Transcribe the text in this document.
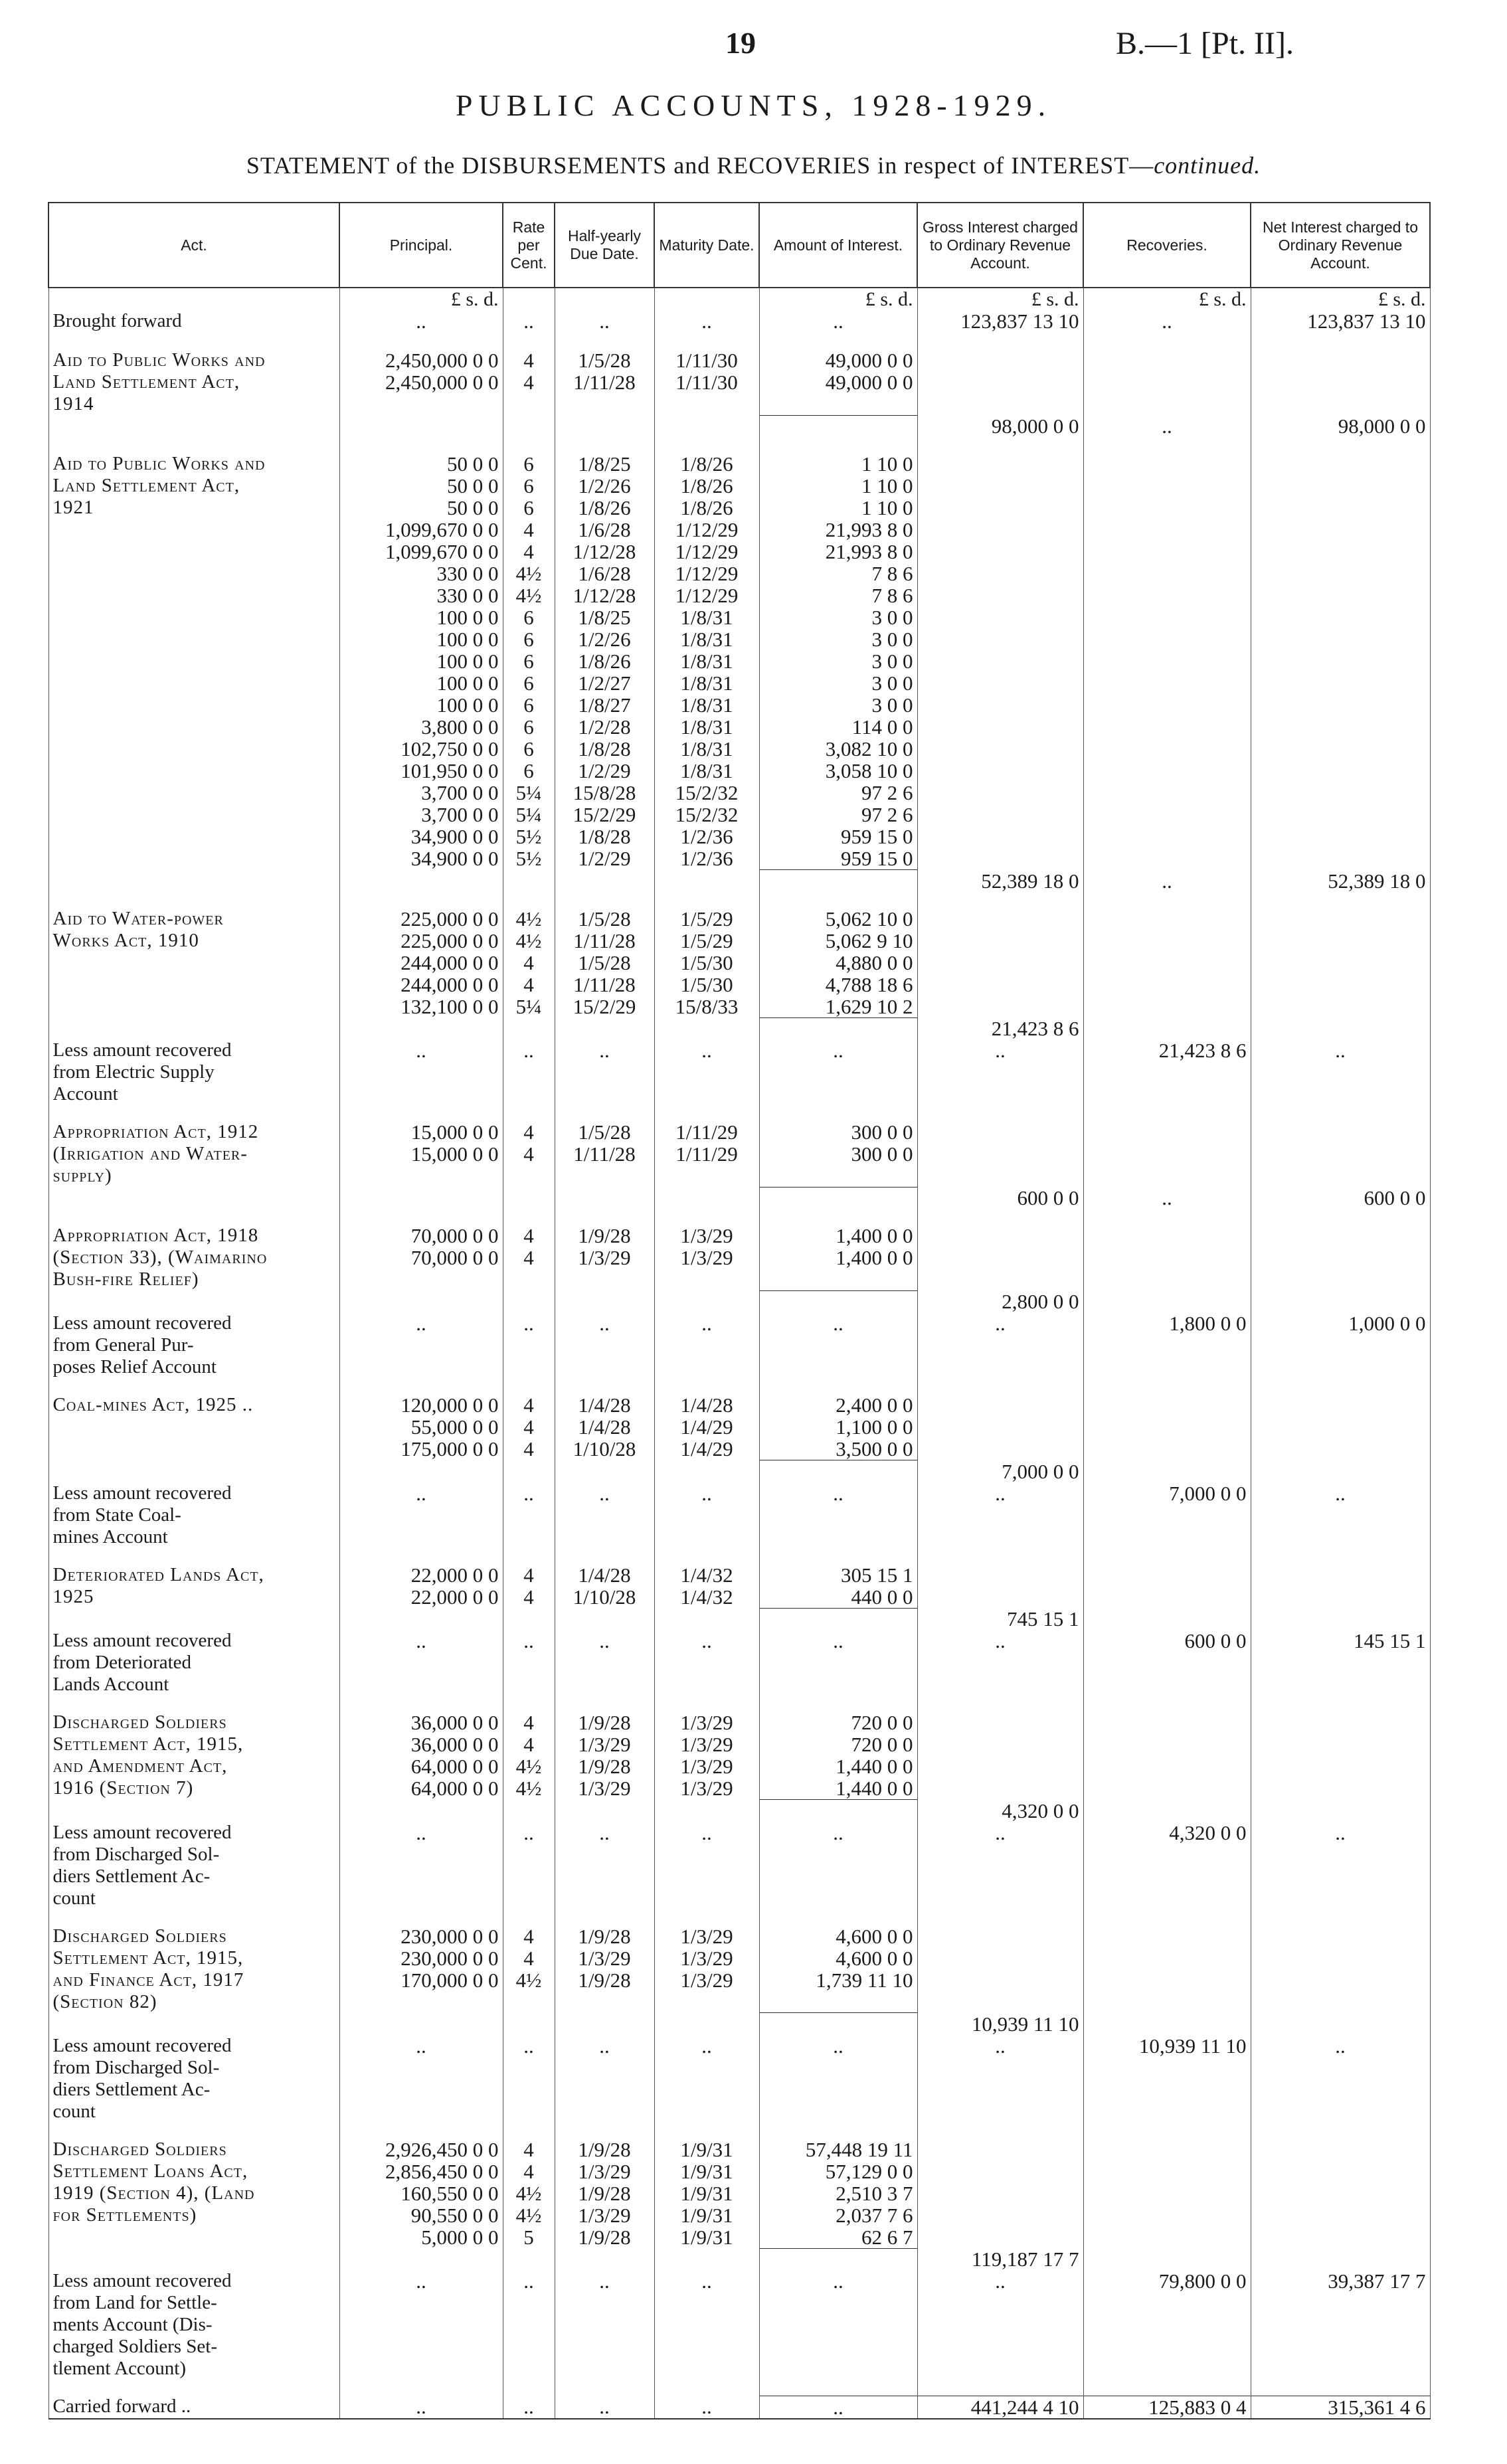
19	B.—1 [Pt. II].
PUBLIC ACCOUNTS, 1928-1929.
STATEMENT of the DISBURSEMENTS and RECOVERIES in respect of INTEREST—continued.
Act.	Principal.	Rate per Cent.	Half-yearly Due Date.	Maturity Date.	Amount of Interest.	Gross Interest charged to Ordinary Revenue Account.	Recoveries.	Net Interest charged to Ordinary Revenue Account.
	£ s. d.				£ s. d.	£ s. d.	£ s. d.	£ s. d.
Brought forward	..	..	..	..	..	123,837 13 10	..	123,837 13 10

Aid to Public Works and	2,450,000 0 0	4	1/5/28	1/11/30	49,000 0 0			
Land Settlement Act,	2,450,000 0 0	4	1/11/28	1/11/30	49,000 0 0			
1914								
						98,000 0 0	..	98,000 0 0

Aid to Public Works and	50 0 0	6	1/8/25	1/8/26	1 10 0			
Land Settlement Act,	50 0 0	6	1/2/26	1/8/26	1 10 0			
1921	50 0 0	6	1/8/26	1/8/26	1 10 0			
	1,099,670 0 0	4	1/6/28	1/12/29	21,993 8 0			
	1,099,670 0 0	4	1/12/28	1/12/29	21,993 8 0			
	330 0 0	4½	1/6/28	1/12/29	7 8 6			
	330 0 0	4½	1/12/28	1/12/29	7 8 6			
	100 0 0	6	1/8/25	1/8/31	3 0 0			
	100 0 0	6	1/2/26	1/8/31	3 0 0			
	100 0 0	6	1/8/26	1/8/31	3 0 0			
	100 0 0	6	1/2/27	1/8/31	3 0 0			
	100 0 0	6	1/8/27	1/8/31	3 0 0			
	3,800 0 0	6	1/2/28	1/8/31	114 0 0			
	102,750 0 0	6	1/8/28	1/8/31	3,082 10 0			
	101,950 0 0	6	1/2/29	1/8/31	3,058 10 0			
	3,700 0 0	5¼	15/8/28	15/2/32	97 2 6			
	3,700 0 0	5¼	15/2/29	15/2/32	97 2 6			
	34,900 0 0	5½	1/8/28	1/2/36	959 15 0			
	34,900 0 0	5½	1/2/29	1/2/36	959 15 0			
						52,389 18 0	..	52,389 18 0

Aid to Water-power	225,000 0 0	4½	1/5/28	1/5/29	5,062 10 0			
Works Act, 1910	225,000 0 0	4½	1/11/28	1/5/29	5,062 9 10			
	244,000 0 0	4	1/5/28	1/5/30	4,880 0 0			
	244,000 0 0	4	1/11/28	1/5/30	4,788 18 6			
	132,100 0 0	5¼	15/2/29	15/8/33	1,629 10 2			
						21,423 8 6		
Less amount recovered	..	..	..	..	..	..	21,423 8 6	..
from Electric Supply								
Account								

Appropriation Act, 1912	15,000 0 0	4	1/5/28	1/11/29	300 0 0			
(Irrigation and Water-	15,000 0 0	4	1/11/28	1/11/29	300 0 0			
supply)								
						600 0 0	..	600 0 0

Appropriation Act, 1918	70,000 0 0	4	1/9/28	1/3/29	1,400 0 0			
(Section 33), (Waimarino	70,000 0 0	4	1/3/29	1/3/29	1,400 0 0			
Bush-fire Relief)								
						2,800 0 0		
Less amount recovered	..	..	..	..	..	..	1,800 0 0	1,000 0 0
from General Pur-								
poses Relief Account								

Coal-mines Act, 1925 ..	120,000 0 0	4	1/4/28	1/4/28	2,400 0 0			
	55,000 0 0	4	1/4/28	1/4/29	1,100 0 0			
	175,000 0 0	4	1/10/28	1/4/29	3,500 0 0			
						7,000 0 0		
Less amount recovered	..	..	..	..	..	..	7,000 0 0	..
from State Coal-								
mines Account								

Deteriorated Lands Act,	22,000 0 0	4	1/4/28	1/4/32	305 15 1			
1925	22,000 0 0	4	1/10/28	1/4/32	440 0 0			
						745 15 1		
Less amount recovered	..	..	..	..	..	..	600 0 0	145 15 1
from Deteriorated								
Lands Account								

Discharged Soldiers	36,000 0 0	4	1/9/28	1/3/29	720 0 0			
Settlement Act, 1915,	36,000 0 0	4	1/3/29	1/3/29	720 0 0			
and Amendment Act,	64,000 0 0	4½	1/9/28	1/3/29	1,440 0 0			
1916 (Section 7)	64,000 0 0	4½	1/3/29	1/3/29	1,440 0 0			
						4,320 0 0		
Less amount recovered	..	..	..	..	..	..	4,320 0 0	..
from Discharged Sol-								
diers Settlement Ac-								
count								

Discharged Soldiers	230,000 0 0	4	1/9/28	1/3/29	4,600 0 0			
Settlement Act, 1915,	230,000 0 0	4	1/3/29	1/3/29	4,600 0 0			
and Finance Act, 1917	170,000 0 0	4½	1/9/28	1/3/29	1,739 11 10			
(Section 82)								
						10,939 11 10		
Less amount recovered	..	..	..	..	..	..	10,939 11 10	..
from Discharged Sol-								
diers Settlement Ac-								
count								

Discharged Soldiers	2,926,450 0 0	4	1/9/28	1/9/31	57,448 19 11			
Settlement Loans Act,	2,856,450 0 0	4	1/3/29	1/9/31	57,129 0 0			
1919 (Section 4), (Land	160,550 0 0	4½	1/9/28	1/9/31	2,510 3 7			
for Settlements)	90,550 0 0	4½	1/3/29	1/9/31	2,037 7 6			
	5,000 0 0	5	1/9/28	1/9/31	62 6 7			
						119,187 17 7		
Less amount recovered	..	..	..	..	..	..	79,800 0 0	39,387 17 7
from Land for Settle-								
ments Account (Dis-								
charged Soldiers Set-								
tlement Account)								

Carried forward ..	..	..	..	..	..	441,244 4 10	125,883 0 4	315,361 4 6
